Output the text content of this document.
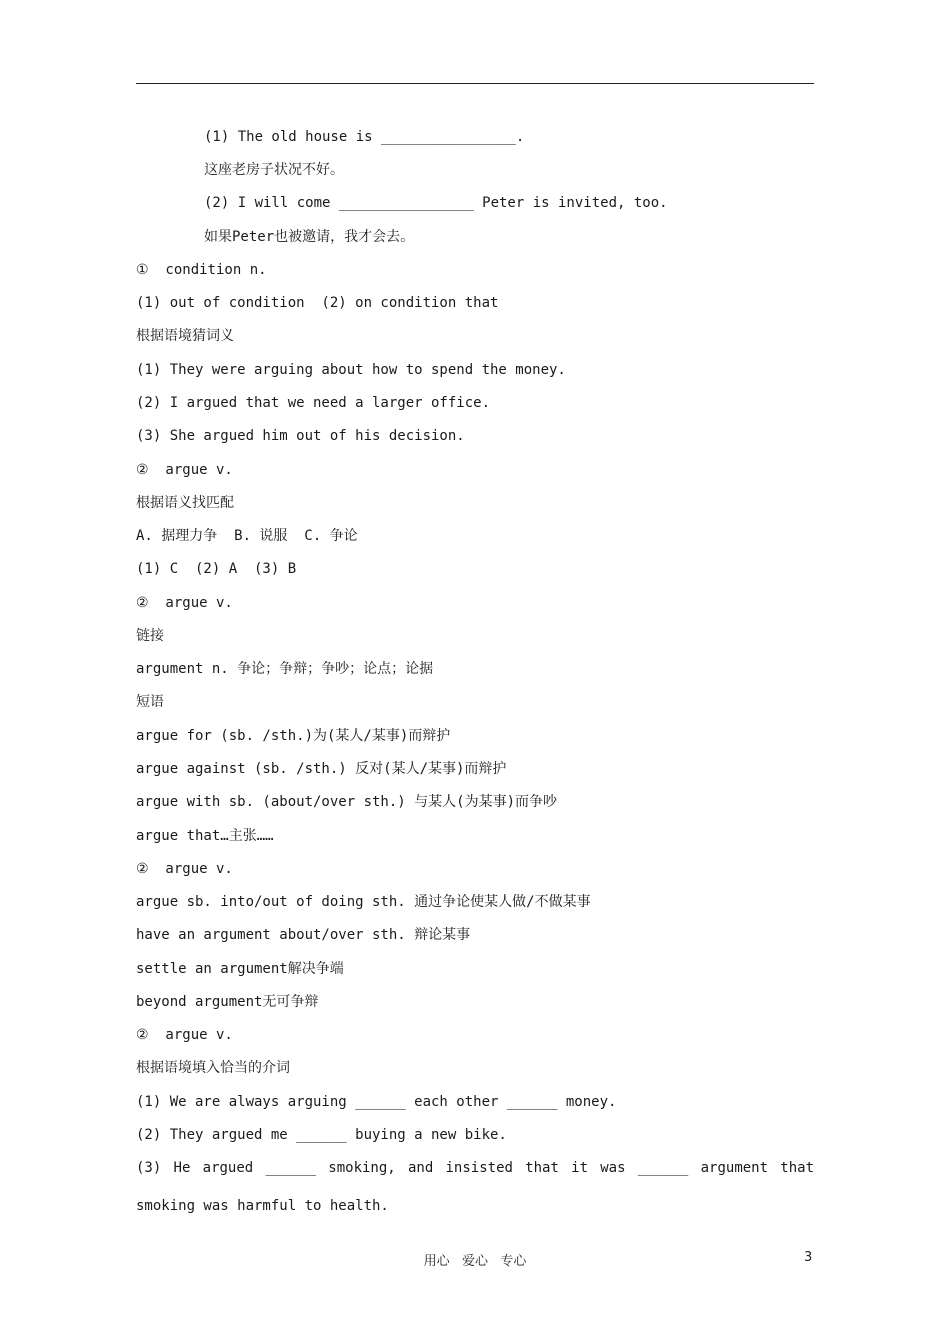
(1) The old house is ________________.
这座老房子状况不好。
(2) I will come ________________ Peter is invited, too.
如果Peter也被邀请，我才会去。
①  condition n.
(1) out of condition  (2) on condition that
根据语境猜词义
(1) They were arguing about how to spend the money.
(2) I argued that we need a larger office.
(3) She argued him out of his decision.
②  argue v.
根据语义找匹配
A. 据理力争  B. 说服  C. 争论
(1) C  (2) A  (3) B
②  argue v.
链接
argument n. 争论；争辩；争吵；论点；论据
短语
argue for (sb. /sth.)为(某人/某事)而辩护
argue against (sb. /sth.) 反对(某人/某事)而辩护
argue with sb. (about/over sth.) 与某人(为某事)而争吵
argue that…主张……
②  argue v.
argue sb. into/out of doing sth. 通过争论使某人做/不做某事
have an argument about/over sth. 辩论某事
settle an argument解决争端
beyond argument无可争辩
②  argue v.
根据语境填入恰当的介词
(1) We are always arguing ______ each other ______ money.
(2) They argued me ______ buying a new bike.
(3) He argued ______ smoking, and insisted that it was ______ argument that
smoking was harmful to health.
用心   爱心   专心	3
